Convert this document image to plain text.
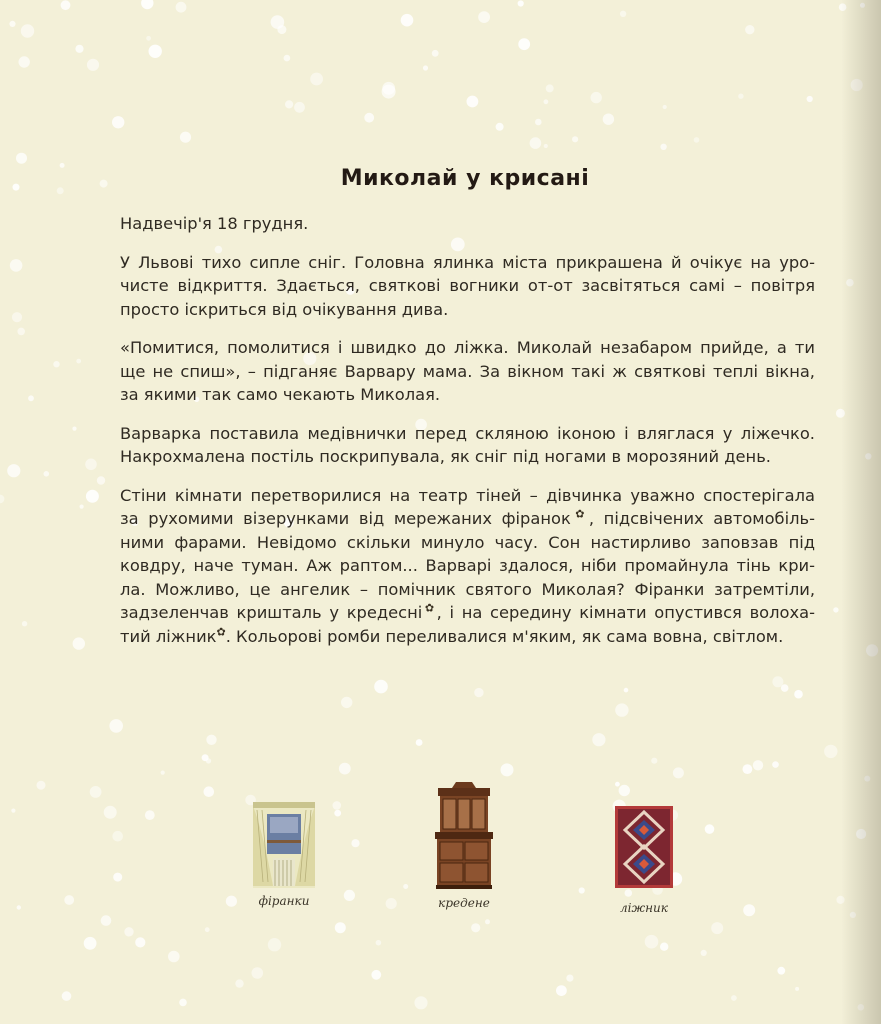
Миколай у крисані
Надвечір'я 18 грудня.
У Львові тихо сипле сніг. Головна ялинка міста прикрашена й очікує на уро-
чисте відкриття. Здається, святкові вогники от-от засвітяться самі – повітря
просто іскриться від очікування дива.
«Помитися, помолитися і швидко до ліжка. Миколай незабаром прийде, а ти
ще не спиш», – підганяє Варвару мама. За вікном такі ж святкові теплі вікна,
за якими так само чекають Миколая.
Варварка поставила медівнички перед скляною іконою і вляглася у ліжечко.
Накрохмалена постіль поскрипувала, як сніг під ногами в морозяний день.
Стіни кімнати перетворилися на театр тіней – дівчинка уважно спостерігала
за рухомими візерунками від мережаних фіранок✿, підсвічених автомобіль-
ними фарами. Невідомо скільки минуло часу. Сон настирливо заповзав під
ковдру, наче туман. Аж раптом... Варварі здалося, ніби промайнула тінь кри-
ла. Можливо, це ангелик – помічник святого Миколая? Фіранки затремтіли,
задзеленчав кришталь у кредесні✿, і на середину кімнати опустився волоха-
тий ліжник✿. Кольорові ромби переливалися м'яким, як сама вовна, світлом.
фіранки	кредене	ліжник
